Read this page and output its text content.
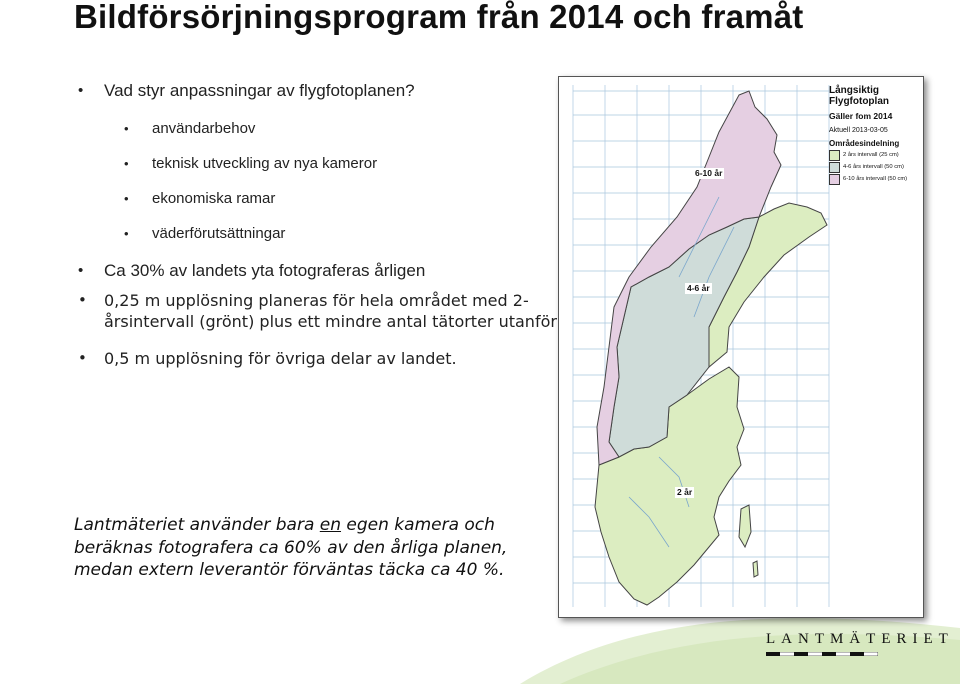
Bildförsörjningsprogram från 2014 och framåt

• Vad styr anpassningar av flygfotoplanen?

• användarbehov

• teknisk utveckling av nya kameror

• ekonomiska ramar

• väderförutsättningar

• Ca 30% av landets yta fotograferas årligen

• 0,25 m upplösning planeras för hela området med 2-årsintervall (grönt) plus ett mindre antal tätorter utanför

• 0,5 m upplösning för övriga delar av landet.

Lantmäteriet använder bara en egen kamera och beräknas fotografera ca 60% av den årliga planen, medan extern leverantör förväntas täcka ca 40 %.

6-10 år
4-6 år
2 år
Långsiktig
Flygfotoplan
Gäller fom 2014
Aktuell 2013-03-05
Områdesindelning
2 års intervall (25 cm)
4-6 års intervall (50 cm)
6-10 års intervall (50 cm)
LANTMÄTERIET
